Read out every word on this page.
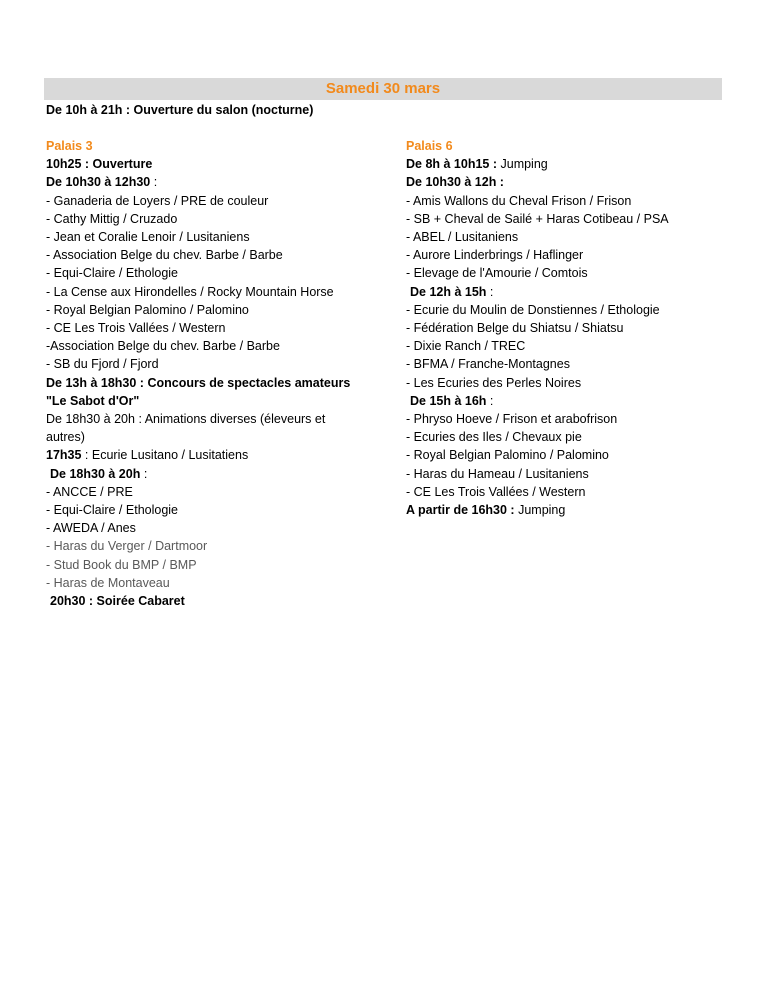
Samedi 30 mars
De 10h à 21h : Ouverture du salon (nocturne)
Palais 3
10h25 : Ouverture
De 10h30 à 12h30 :
- Ganaderia de Loyers / PRE de couleur
- Cathy Mittig / Cruzado
- Jean et Coralie Lenoir / Lusitaniens
- Association Belge du chev. Barbe / Barbe
- Equi-Claire / Ethologie
- La Cense aux Hirondelles / Rocky Mountain Horse
- Royal Belgian Palomino / Palomino
- CE Les Trois Vallées / Western
-Association Belge du chev. Barbe / Barbe
- SB du Fjord / Fjord
De 13h à 18h30 : Concours de spectacles amateurs
"Le Sabot d'Or"
De 18h30 à 20h : Animations diverses (éleveurs et autres)
17h35 : Ecurie Lusitano / Lusitatiens
De 18h30 à 20h :
- ANCCE / PRE
- Equi-Claire / Ethologie
- AWEDA / Anes
- Haras du Verger / Dartmoor
- Stud Book du BMP / BMP
- Haras de Montaveau
20h30 : Soirée Cabaret
Palais 6
De 8h à 10h15 : Jumping
De 10h30 à 12h :
- Amis Wallons du Cheval Frison / Frison
- SB + Cheval de Sailé + Haras Cotibeau / PSA
- ABEL / Lusitaniens
- Aurore Linderbrings / Haflinger
- Elevage de l'Amourie / Comtois
De 12h à 15h :
- Ecurie du Moulin de Donstiennes / Ethologie
- Fédération Belge du Shiatsu / Shiatsu
- Dixie Ranch / TREC
- BFMA / Franche-Montagnes
- Les Ecuries des Perles Noires
De 15h à 16h :
- Phryso Hoeve / Frison et arabofrison
- Ecuries des Iles / Chevaux pie
- Royal Belgian Palomino / Palomino
- Haras du Hameau / Lusitaniens
- CE Les Trois Vallées / Western
A partir de 16h30 : Jumping
